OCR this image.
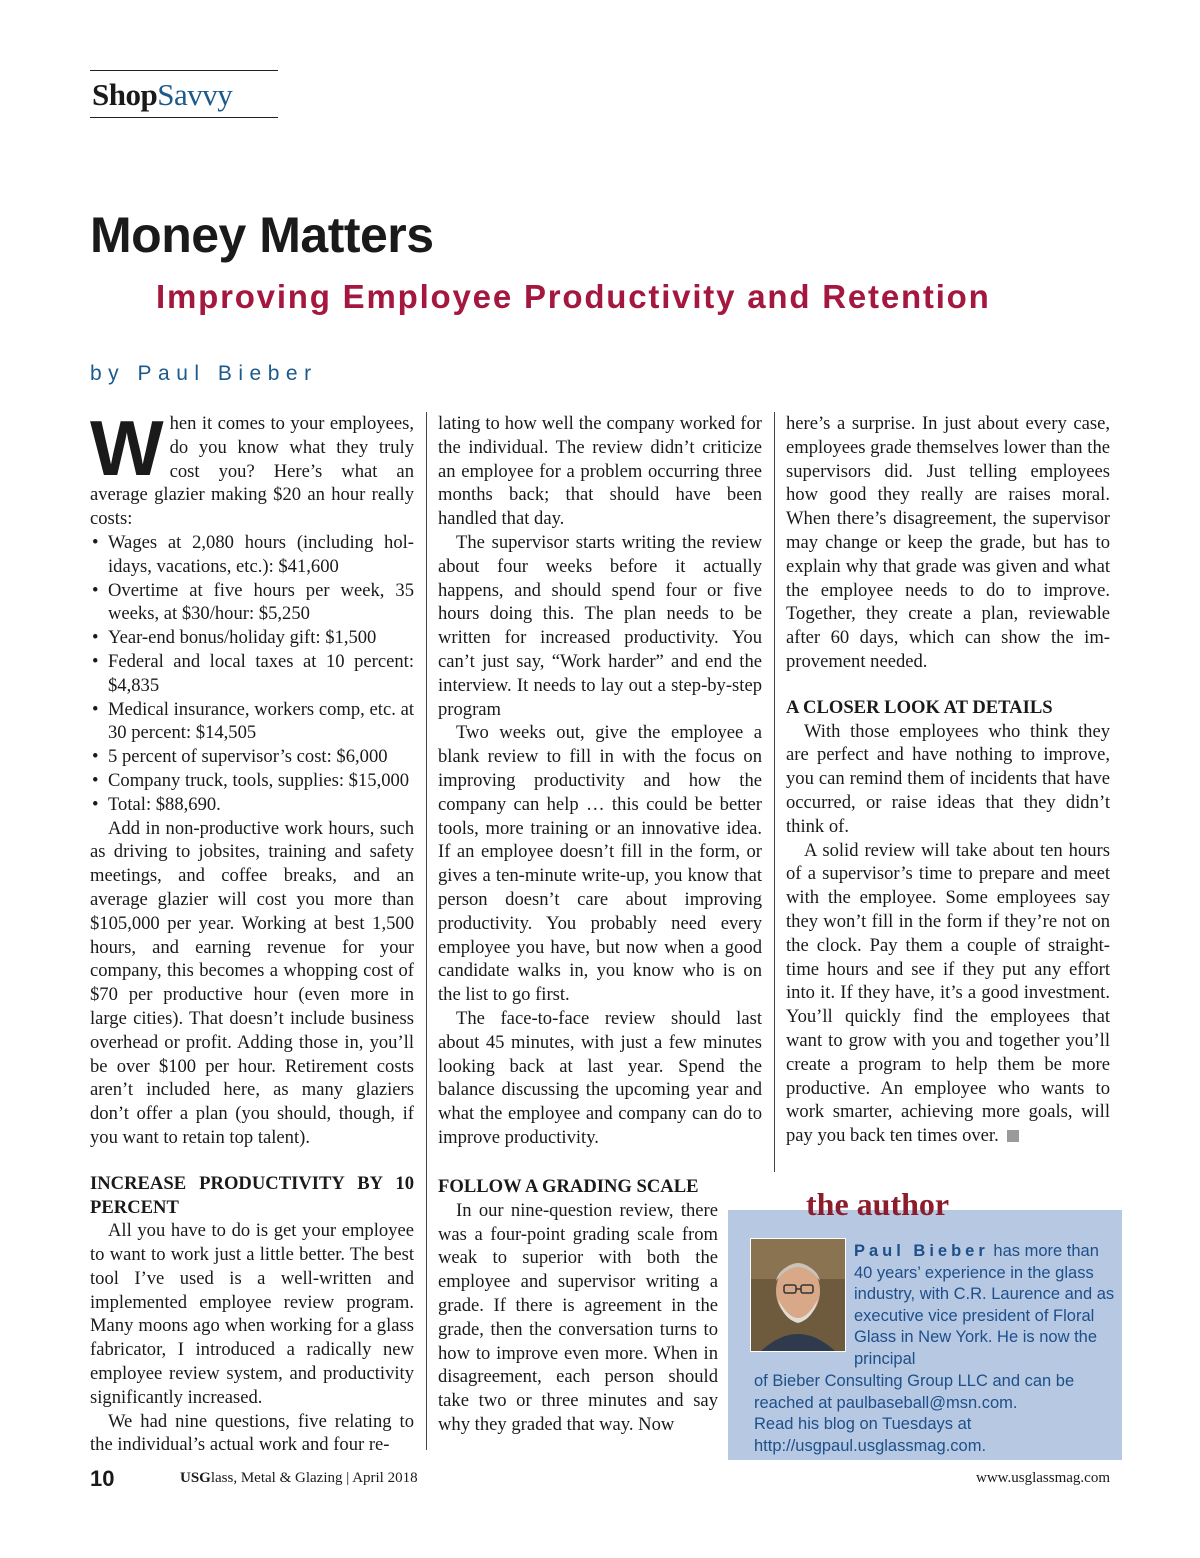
ShopSavvy
Money Matters
Improving Employee Productivity and Retention
by Paul Bieber

When it comes to your employees, do you know what they truly cost you? Here’s what an average glazier making $20 an hour really costs:

• Wages at 2,080 hours (including holidays, vacations, etc.): $41,600
• Overtime at five hours per week, 35 weeks, at $30/hour: $5,250
• Year-end bonus/holiday gift: $1,500
• Federal and local taxes at 10 percent: $4,835
• Medical insurance, workers comp, etc. at 30 percent: $14,505
• 5 percent of supervisor’s cost: $6,000
• Company truck, tools, supplies: $15,000
• Total: $88,690.

Add in non-productive work hours, such as driving to jobsites, training and safety meetings, and coffee breaks, and an average glazier will cost you more than $105,000 per year. Working at best 1,500 hours, and earning revenue for your company, this becomes a whopping cost of $70 per productive hour (even more in large cities). That doesn’t include business overhead or profit. Adding those in, you’ll be over $100 per hour. Retirement costs aren’t included here, as many glaziers don’t offer a plan (you should, though, if you want to retain top talent).

INCREASE PRODUCTIVITY BY 10 PERCENT

All you have to do is get your employee to want to work just a little better. The best tool I’ve used is a well-written and implemented employee review program. Many moons ago when working for a glass fabricator, I introduced a radically new employee review system, and productivity significantly increased.

We had nine questions, five relating to the individual’s actual work and four re-

lating to how well the company worked for the individual. The review didn’t criticize an employee for a problem occurring three months back; that should have been handled that day.

The supervisor starts writing the review about four weeks before it actually happens, and should spend four or five hours doing this. The plan needs to be written for increased productivity. You can’t just say, “Work harder” and end the interview. It needs to lay out a step-by-step program

Two weeks out, give the employee a blank review to fill in with the focus on improving productivity and how the company can help … this could be better tools, more training or an innovative idea. If an employee doesn’t fill in the form, or gives a ten-minute write-up, you know that person doesn’t care about improving productivity. You probably need every employee you have, but now when a good candidate walks in, you know who is on the list to go first.

The face-to-face review should last about 45 minutes, with just a few minutes looking back at last year. Spend the balance discussing the upcoming year and what the employee and company can do to improve productivity.

FOLLOW A GRADING SCALE

In our nine-question review, there was a four-point grading scale from weak to superior with both the employee and supervisor writing a grade. If there is agreement in the grade, then the conversation turns to how to improve even more. When in disagreement, each person should take two or three minutes and say why they graded that way. Now

here’s a surprise. In just about every case, employees grade themselves lower than the supervisors did. Just telling employees how good they really are raises moral. When there’s disagreement, the supervisor may change or keep the grade, but has to explain why that grade was given and what the employee needs to do to improve. Together, they create a plan, reviewable after 60 days, which can show the improvement needed.

A CLOSER LOOK AT DETAILS

With those employees who think they are perfect and have nothing to improve, you can remind them of incidents that have occurred, or raise ideas that they didn’t think of.

A solid review will take about ten hours of a supervisor’s time to prepare and meet with the employee. Some employees say they won’t fill in the form if they’re not on the clock. Pay them a couple of straight-time hours and see if they put any effort into it. If they have, it’s a good investment. You’ll quickly find the employees that want to grow with you and together you’ll create a program to help them be more productive. An employee who wants to work smarter, achieving more goals, will pay you back ten times over.

the author
Paul Bieber has more than 40 years’ experience in the glass industry, with C.R. Laurence and as executive vice president of Floral Glass in New York. He is now the principal
of Bieber Consulting Group LLC and can be reached at paulbaseball@msn.com.
Read his blog on Tuesdays at
http://usgpaul.usglassmag.com.
10	USGlass, Metal & Glazing | April 2018	www.usglassmag.com
